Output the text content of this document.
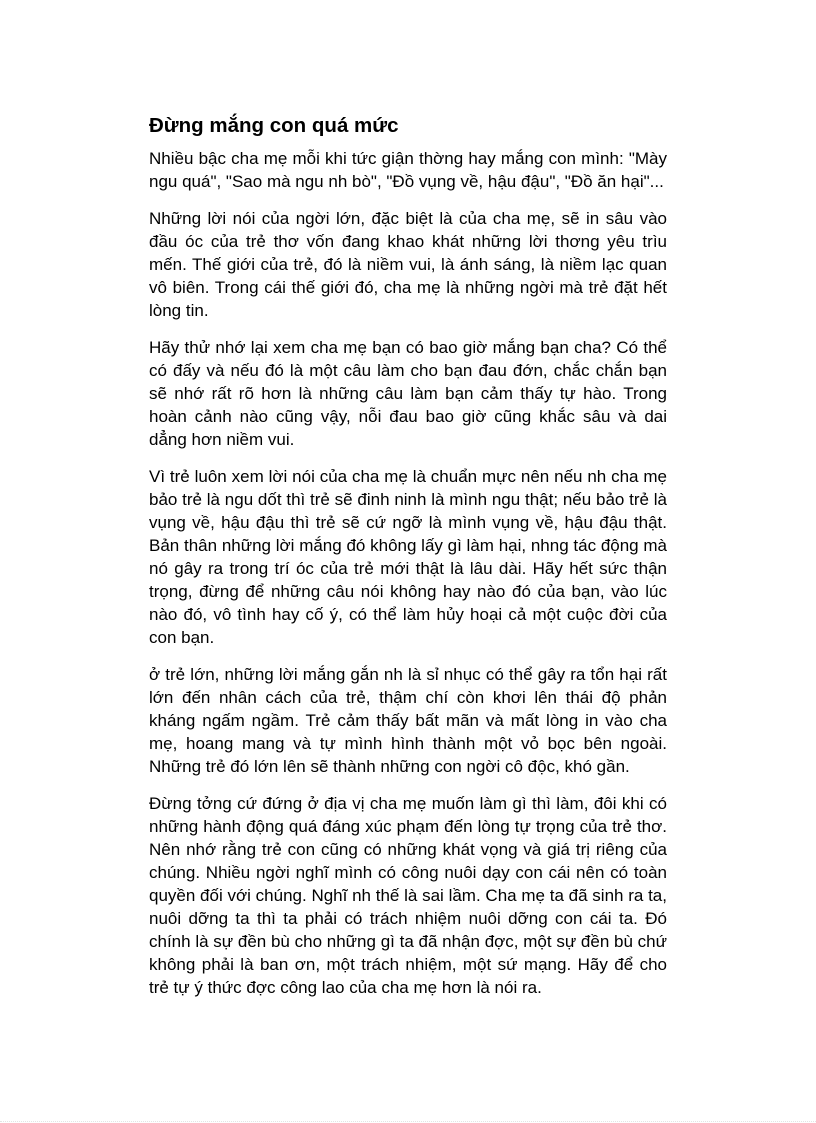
Đừng mắng con quá mức

Nhiều bậc cha mẹ mỗi khi tức giận thờng hay mắng con mình: "Mày ngu quá", "Sao mà ngu nh bò", "Đồ vụng về, hậu đậu", "Đồ ăn hại"...

Những lời nói của ngời lớn, đặc biệt là của cha mẹ, sẽ in sâu vào đầu óc của trẻ thơ vốn đang khao khát những lời thơng yêu trìu mến. Thế giới của trẻ, đó là niềm vui, là ánh sáng, là niềm lạc quan vô biên. Trong cái thế giới đó, cha mẹ là những ngời mà trẻ đặt hết lòng tin.

Hãy thử nhớ lại xem cha mẹ bạn có bao giờ mắng bạn cha? Có thể có đấy và nếu đó là một câu làm cho bạn đau đớn, chắc chắn bạn sẽ nhớ rất rõ hơn là những câu làm bạn cảm thấy tự hào. Trong hoàn cảnh nào cũng vậy, nỗi đau bao giờ cũng khắc sâu và dai dẳng hơn niềm vui.

Vì trẻ luôn xem lời nói của cha mẹ là chuẩn mực nên nếu nh cha mẹ bảo trẻ là ngu dốt thì trẻ sẽ đinh ninh là mình ngu thật; nếu bảo trẻ là vụng về, hậu đậu thì trẻ sẽ cứ ngỡ là mình vụng về, hậu đậu thật. Bản thân những lời mắng đó không lấy gì làm hại, nhng tác động mà nó gây ra trong trí óc của trẻ mới thật là lâu dài. Hãy hết sức thận trọng, đừng để những câu nói không hay nào đó của bạn, vào lúc nào đó, vô tình hay cố ý, có thể làm hủy hoại cả một cuộc đời của con bạn.

ở trẻ lớn, những lời mắng gắn nh là sỉ nhục có thể gây ra tổn hại rất lớn đến nhân cách của trẻ, thậm chí còn khơi lên thái độ phản kháng ngấm ngầm. Trẻ cảm thấy bất mãn và mất lòng in vào cha mẹ, hoang mang và tự mình hình thành một vỏ bọc bên ngoài. Những trẻ đó lớn lên sẽ thành những con ngời cô độc, khó gần.

Đừng tởng cứ đứng ở địa vị cha mẹ muốn làm gì thì làm, đôi khi có những hành động quá đáng xúc phạm đến lòng tự trọng của trẻ thơ. Nên nhớ rằng trẻ con cũng có những khát vọng và giá trị riêng của chúng. Nhiều ngời nghĩ mình có công nuôi dạy con cái nên có toàn quyền đối với chúng. Nghĩ nh thế là sai lầm. Cha mẹ ta đã sinh ra ta, nuôi dỡng ta thì ta phải có trách nhiệm nuôi dỡng con cái ta. Đó chính là sự đền bù cho những gì ta đã nhận đợc, một sự đền bù chứ không phải là ban ơn, một trách nhiệm, một sứ mạng. Hãy để cho trẻ tự ý thức đợc công lao của cha mẹ hơn là nói ra.
